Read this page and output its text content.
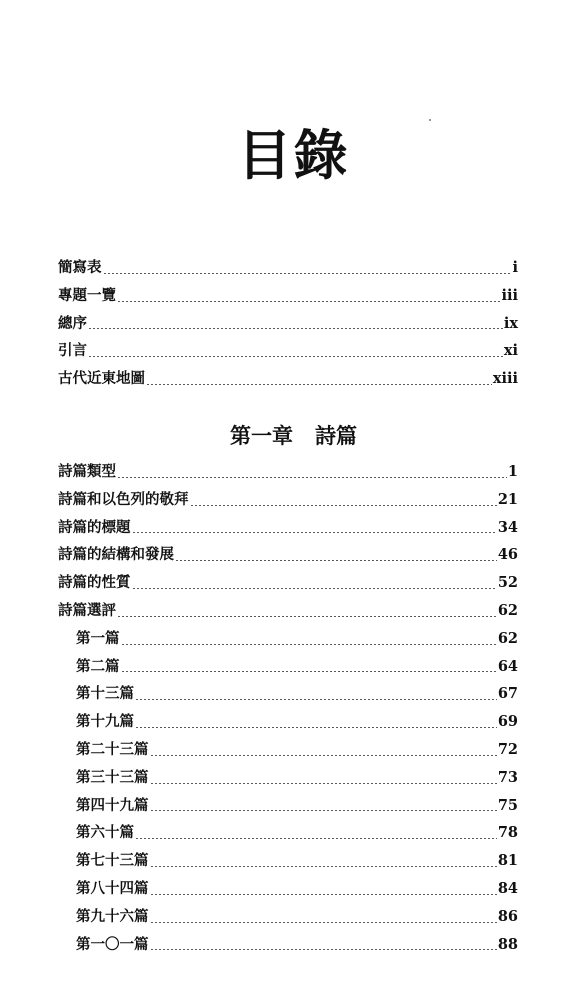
目錄
簡寫表	i
專題一覽	iii
總序	ix
引言	xi
古代近東地圖	xiii
第一章 詩篇
詩篇類型	1
詩篇和以色列的敬拜	21
詩篇的標題	34
詩篇的結構和發展	46
詩篇的性質	52
詩篇選評	62
第一篇	62
第二篇	64
第十三篇	67
第十九篇	69
第二十三篇	72
第三十三篇	73
第四十九篇	75
第六十篇	78
第七十三篇	81
第八十四篇	84
第九十六篇	86
第一〇一篇	88
